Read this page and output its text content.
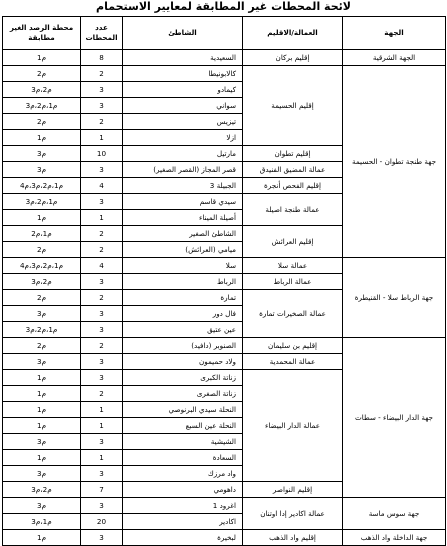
لائحة المحطات غير المطابقة لمعايير الاستحمام
محطة الرصد الغير مطابقة	عدد المحطات	الشاطئ	العمالة/الاقليم	الجهة
م1	8	السعيدية	إقليم بركان	الجهة الشرقية
م2	2	كالابونيطا	إقليم الحسيمة	جهة طنجة تطوان - الحسيمة
م2،م3	3	كيمادو		
م1،م2،م3	3	سواني		
م2	2	تيزيس		
م1	1	ازلا		
م3	10	مارتيل	إقليم تطوان	
م3	3	قصر المجاز (القصر الصغير)	عمالة المضيق الفنيدق	
م1،م2،م3،م4	4	الجبيلة 3	إقليم الفحص أنجرة	
م1،م2،م3	3	سيدي قاسم	عمالة طنجة اصيلة	
م1	1	أصيلة الميناء		
م1،م2	2	الشاطئ الصغير	إقليم العرائش	
م2	2	ميامي (العرائش)		
م1،م2،م3،م4	4	سلا	عمالة سلا	جهة الرباط سلا - القنيطرة
م2،م3	3	الرباط	عمالة الرباط	
م2	2	تمارة	عمالة الصخيرات تمارة	
م3	3	فال دور		
م1،م2،م3	3	عين عتيق		
م2	2	الصنوبر (دافيد)	إقليم بن سليمان	جهة الدار البيضاء - سطات
م3	3	ولاد حميمون	عمالة المحمدية	
م1	3	زناتة الكبرى	عمالة الدار البيضاء	
م1	2	زناتة الصغرى		
م1	1	النحلة سيدي البرنوصي		
م1	1	النحلة عين السبع		
م3	3	الشيشية		
م1	1	السعادة		
م3	3	واد مرزك		
م2،م3	7	داهومي	إقليم النواصر	
م3	3	اغرود 1	عمالة اكادير إدا اوتنان	جهة سوس ماسة
م1،م3	20	اكادير		
م1	3	لبخيرة	إقليم واد الذهب	جهة الداخلة واد الذهب
